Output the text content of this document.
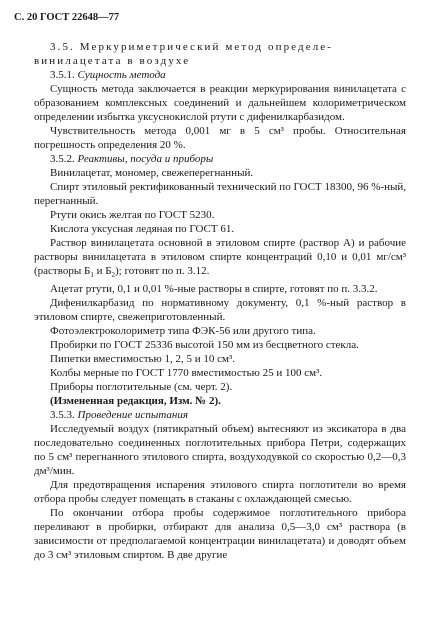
С. 20 ГОСТ 22648—77

3.5. Меркуриметрический метод определе-

винилацетата в воздухе

3.5.1. Сущность метода

Сущность метода заключается в реакции меркурирования винилацетата с образованием комплексных соединений и дальнейшем колориметрическом определении избытка уксуснокислой ртути с дифенилкарбазидом.

Чувствительность метода 0,001 мг в 5 см³ пробы. Относительная погрешность определения 20 %.

3.5.2. Реактивы, посуда и приборы

Винилацетат, мономер, свежеперегнанный.

Спирт этиловый ректификованный технический по ГОСТ 18300, 96 %-ный, перегнанный.

Ртути окись желтая по ГОСТ 5230.

Кислота уксусная ледяная по ГОСТ 61.

Раствор винилацетата основной в этиловом спирте (раствор А) и рабочие растворы винилацетата в этиловом спирте концентраций 0,10 и 0,01 мг/см³ (растворы $Б_1$ и $Б_2$); готовят по п. 3.12.

Ацетат ртути, 0,1 и 0,01 %-ные растворы в спирте, готовят по п. 3.3.2.

Дифенилкарбазид по нормативному документу, 0,1 %-ный раствор в этиловом спирте, свежеприготовленный.

Фотоэлектроколориметр типа ФЭК-56 или другого типа.

Пробирки по ГОСТ 25336 высотой 150 мм из бесцветного стекла.

Пипетки вместимостью 1, 2, 5 и 10 см³.

Колбы мерные по ГОСТ 1770 вместимостью 25 и 100 см³.

Приборы поглотительные (см. черт. 2).

(Измененная редакция, Изм. № 2).

3.5.3. Проведение испытания

Исследуемый воздух (пятикратный объем) вытесняют из эксикатора в два последовательно соединенных поглотительных прибора Петри, содержащих по 5 см³ перегнанного этилового спирта, воздуходувкой со скоростью 0,2—0,3 дм³/мин.

Для предотвращения испарения этилового спирта поглотители во время отбора пробы следует помещать в стаканы с охлаждающей смесью.

По окончании отбора пробы содержимое поглотительного прибора переливают в пробирки, отбирают для анализа 0,5—3,0 см³ раствора (в зависимости от предполагаемой концентрации винилацетата) и доводят объем до 3 см³ этиловым спиртом. В две другие
